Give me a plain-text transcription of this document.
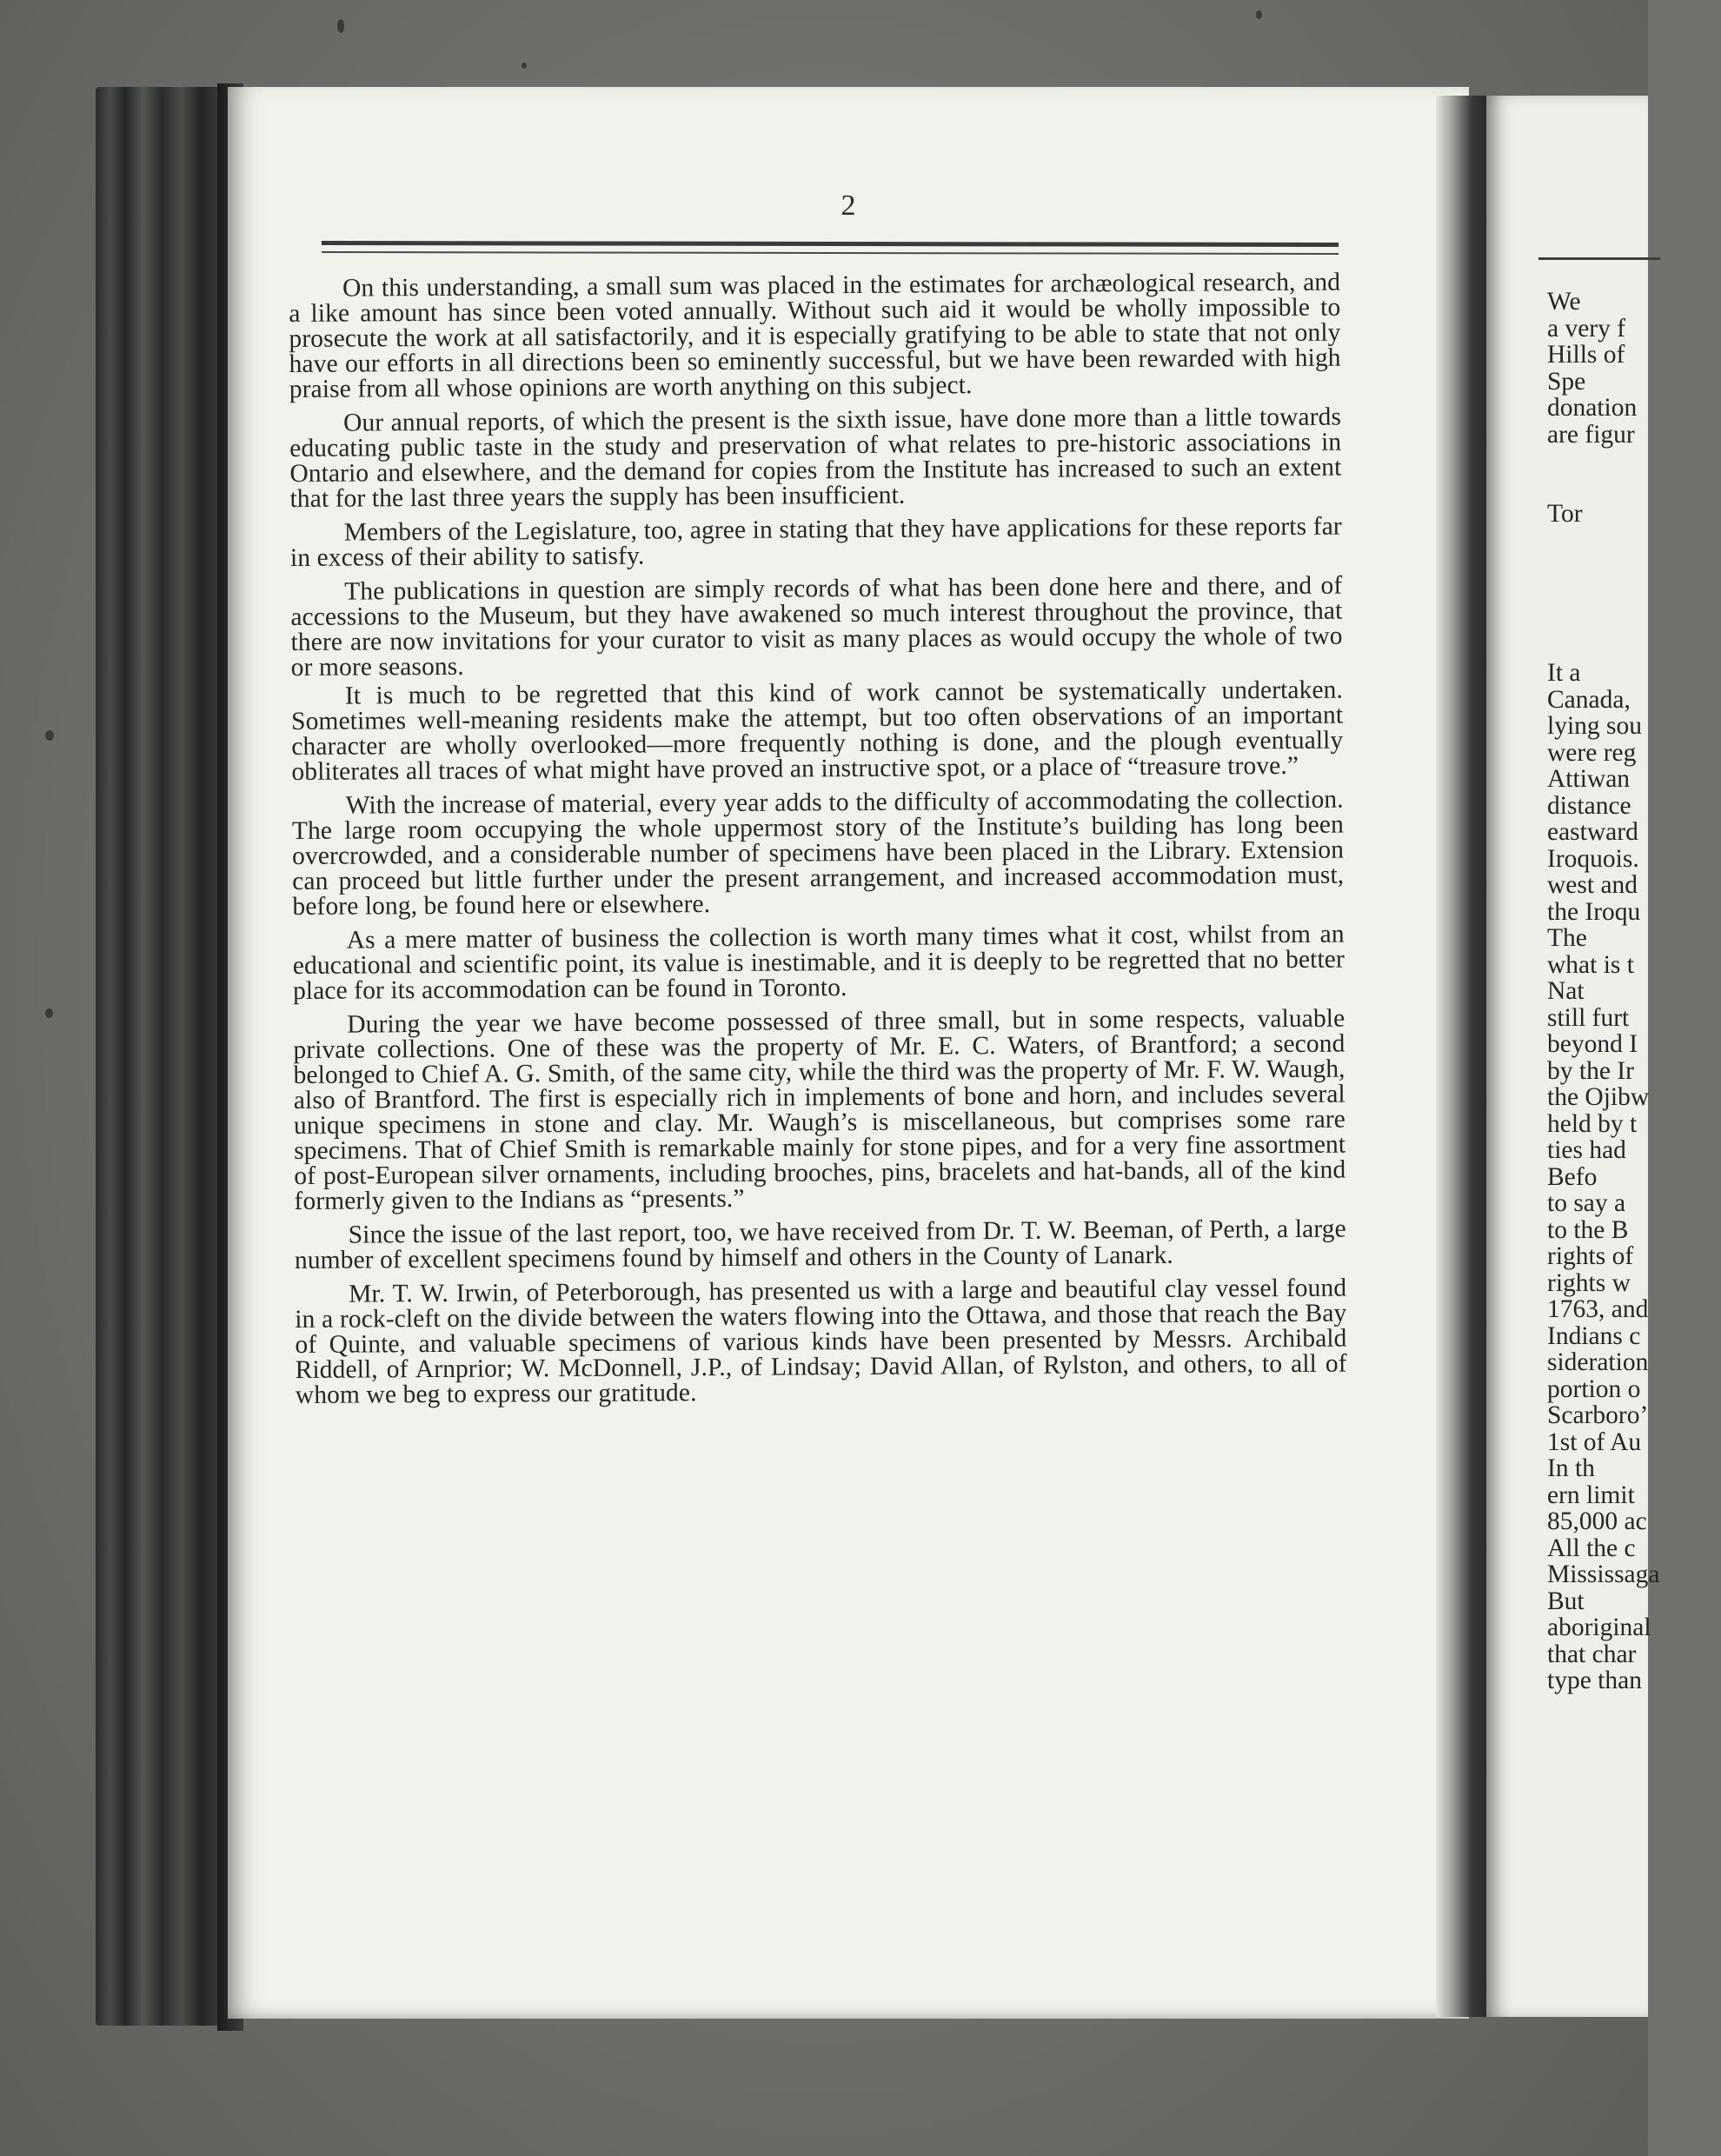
2

On this understanding, a small sum was placed in the estimates for archæological research, and a like amount has since been voted annually. Without such aid it would be wholly impossible to prosecute the work at all satisfactorily, and it is especially gratifying to be able to state that not only have our efforts in all directions been so eminently successful, but we have been rewarded with high praise from all whose opinions are worth anything on this subject.

Our annual reports, of which the present is the sixth issue, have done more than a little towards educating public taste in the study and preservation of what relates to pre-historic associations in Ontario and elsewhere, and the demand for copies from the Institute has increased to such an extent that for the last three years the supply has been insufficient.

Members of the Legislature, too, agree in stating that they have applications for these reports far in excess of their ability to satisfy.

The publications in question are simply records of what has been done here and there, and of accessions to the Museum, but they have awakened so much interest throughout the province, that there are now invitations for your curator to visit as many places as would occupy the whole of two or more seasons.

It is much to be regretted that this kind of work cannot be systematically undertaken. Sometimes well-meaning residents make the attempt, but too often observations of an important character are wholly overlooked—more frequently nothing is done, and the plough eventually obliterates all traces of what might have proved an instructive spot, or a place of “treasure trove.”

With the increase of material, every year adds to the difficulty of accommodating the collection. The large room occupying the whole uppermost story of the Institute’s building has long been overcrowded, and a considerable number of specimens have been placed in the Library. Extension can proceed but little further under the present arrangement, and increased accommodation must, before long, be found here or elsewhere.

As a mere matter of business the collection is worth many times what it cost, whilst from an educational and scientific point, its value is inestimable, and it is deeply to be regretted that no better place for its accommodation can be found in Toronto.

During the year we have become possessed of three small, but in some respects, valuable private collections. One of these was the property of Mr. E. C. Waters, of Brantford; a second belonged to Chief A. G. Smith, of the same city, while the third was the property of Mr. F. W. Waugh, also of Brantford. The first is especially rich in implements of bone and horn, and includes several unique specimens in stone and clay. Mr. Waugh’s is miscellaneous, but comprises some rare specimens. That of Chief Smith is remarkable mainly for stone pipes, and for a very fine assortment of post-European silver ornaments, including brooches, pins, bracelets and hat-bands, all of the kind formerly given to the Indians as “presents.”

Since the issue of the last report, too, we have received from Dr. T. W. Beeman, of Perth, a large number of excellent specimens found by himself and others in the County of Lanark.

Mr. T. W. Irwin, of Peterborough, has presented us with a large and beautiful clay vessel found in a rock-cleft on the divide between the waters flowing into the Ottawa, and those that reach the Bay of Quinte, and valuable specimens of various kinds have been presented by Messrs. Archibald Riddell, of Arnprior; W. McDonnell, J.P., of Lindsay; David Allan, of Rylston, and others, to all of whom we beg to express our gratitude.

We
a very f
Hills of
Spe
donation
are figur
Tor
It a
Canada,
lying sou
were reg
Attiwan
distance
eastward
Iroquois.
west and
the Iroqu
The
what is t
Nat
still furt
beyond I
by the Ir
the Ojibw
held by t
ties had
Befo
to say a
to the B
rights of
rights w
1763, and
Indians c
sideration
portion o
Scarboro’
1st of Au
In th
ern limit
85,000 ac
All the c
Mississaga
But
aboriginal
that char
type than
